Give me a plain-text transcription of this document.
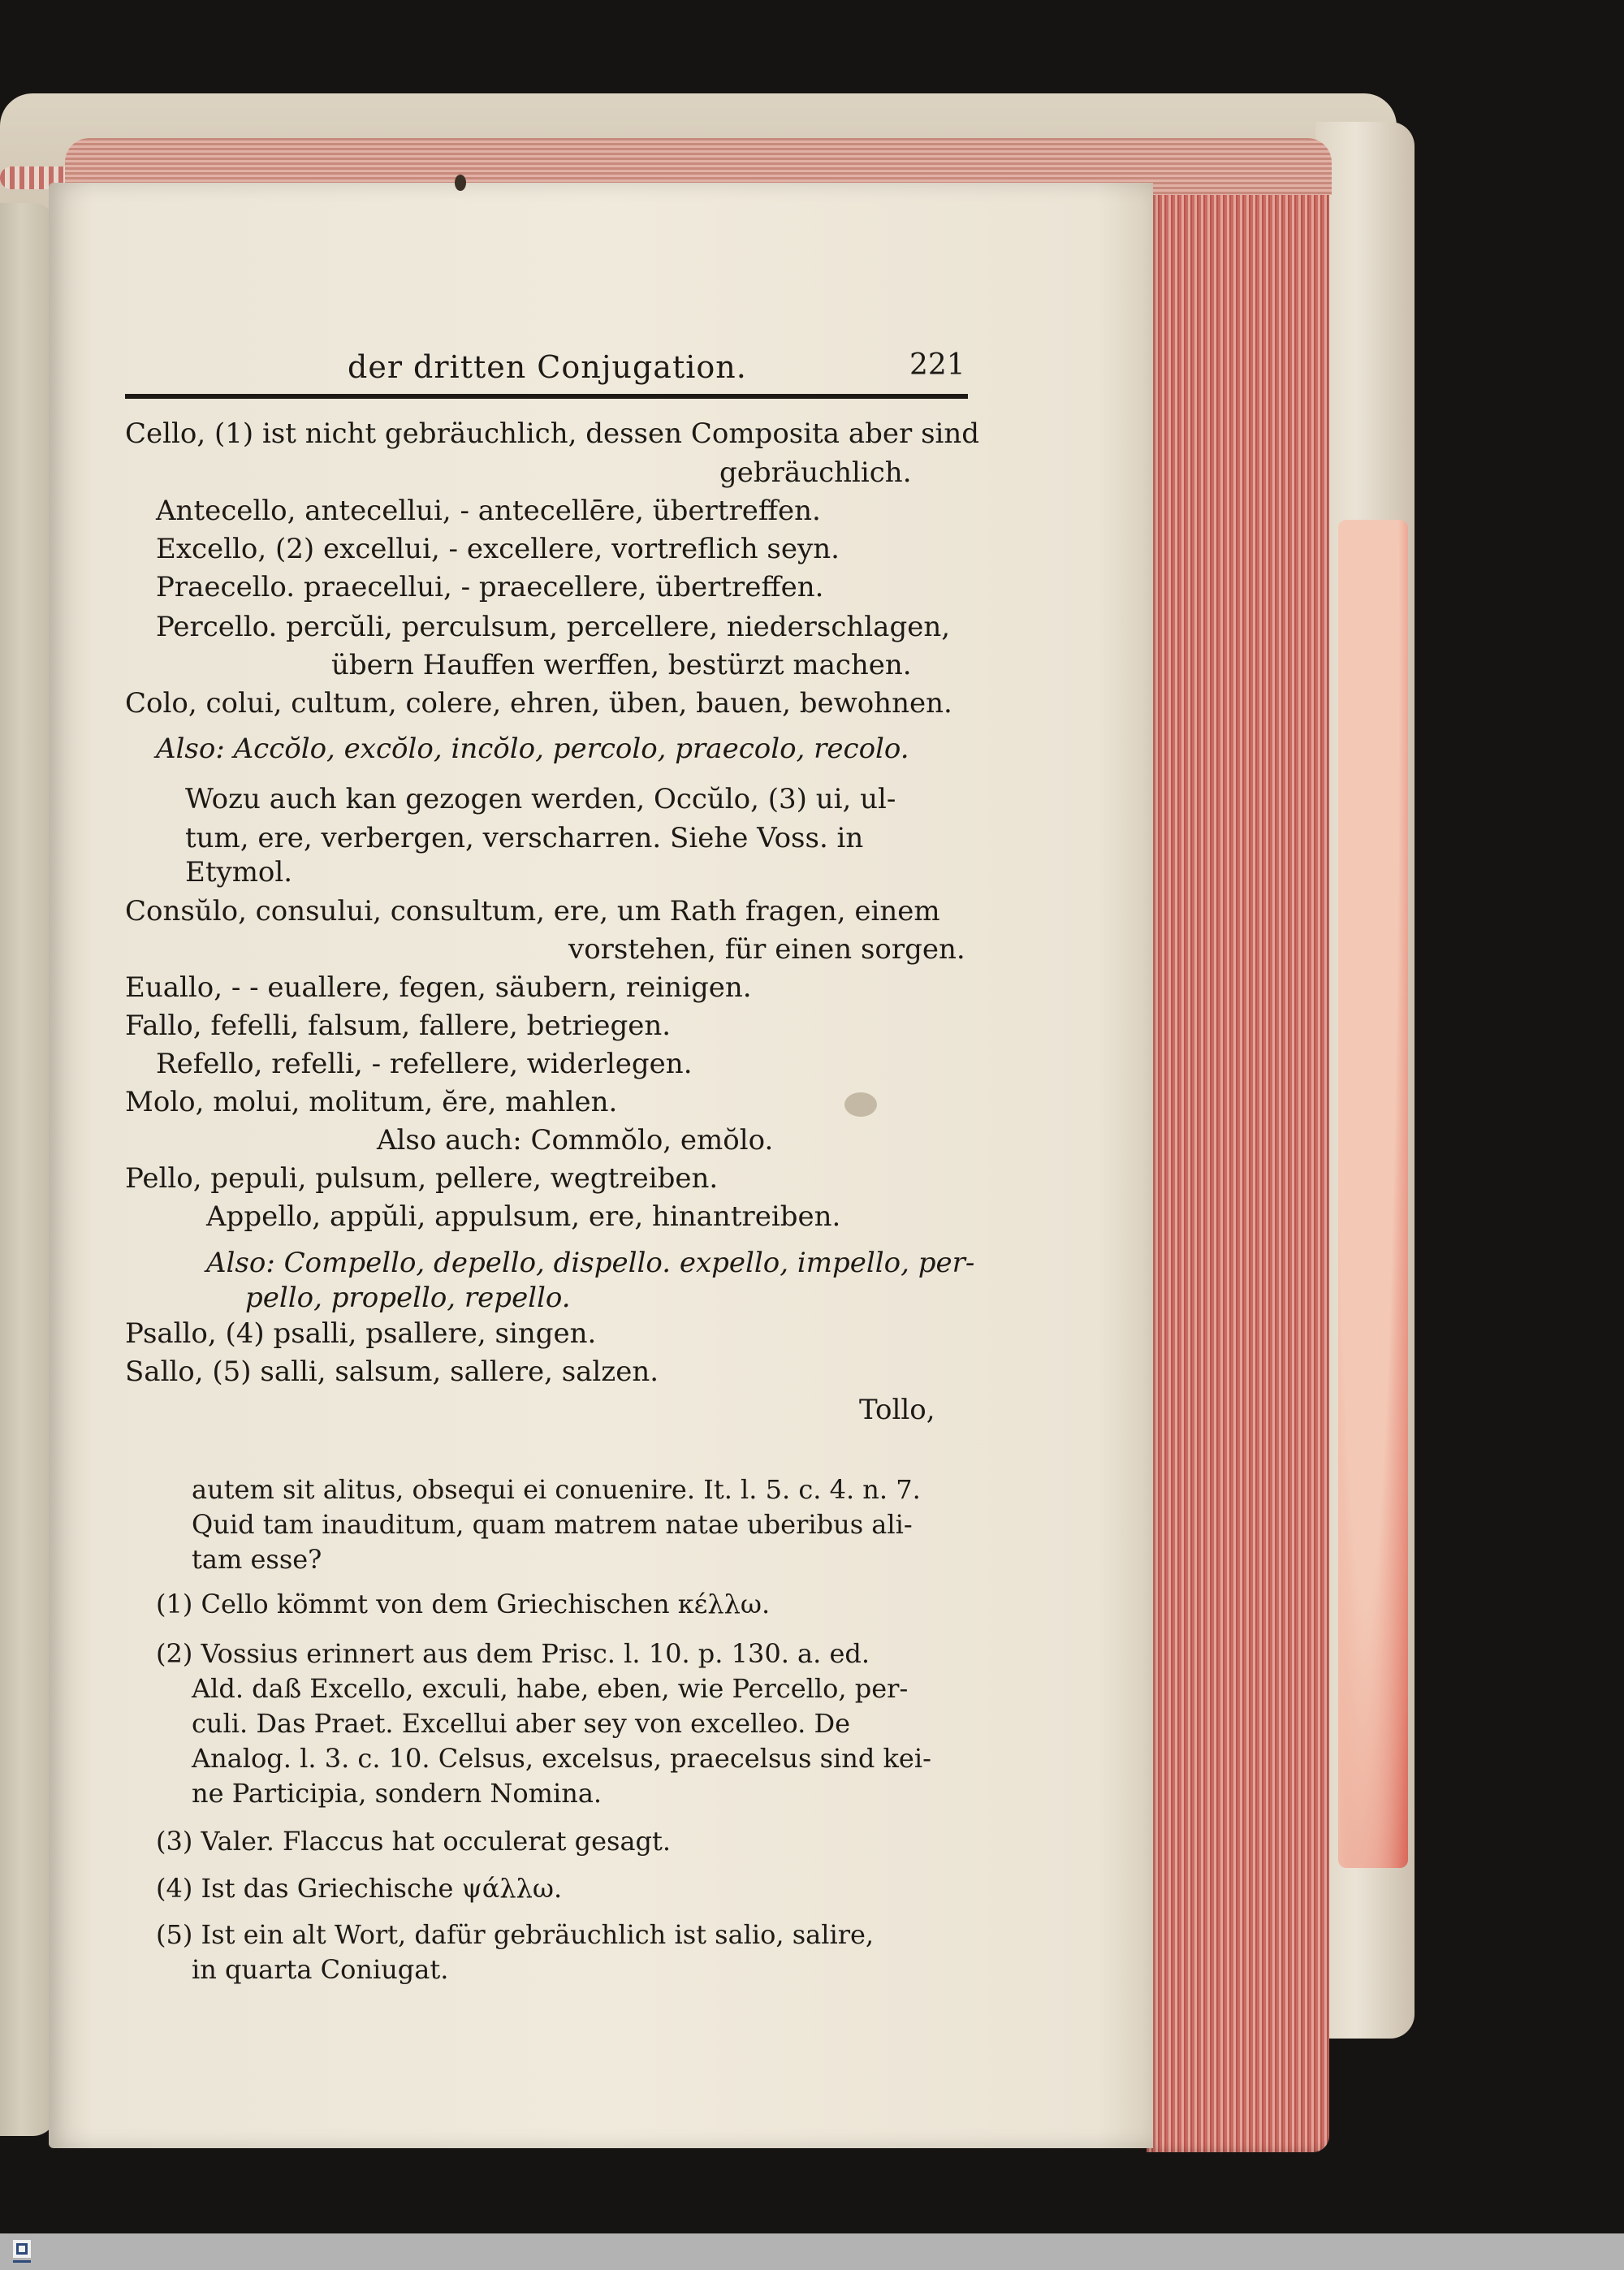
der dritten Conjugation.	221
Cello, (1) ist nicht gebräuchlich, dessen Composita aber sind
gebräuchlich.
Antecello, antecellui, - antecellēre, übertreffen.
Excello, (2) excellui, - excellere, vortreflich seyn.
Praecello. praecellui, - praecellere, übertreffen.
Percello. percŭli, perculsum, percellere, niederschlagen,
übern Hauffen werffen, bestürzt machen.
Colo, colui, cultum, colere, ehren, üben, bauen, bewohnen.
Also: Accŏlo, excŏlo, incŏlo, percolo, praecolo, recolo.
Wozu auch kan gezogen werden, Occŭlo, (3) ui, ul-
tum, ere, verbergen, verscharren. Siehe Voss. in
Etymol.
Consŭlo, consului, consultum, ere, um Rath fragen, einem
vorstehen, für einen sorgen.
Euallo, - - euallere, fegen, säubern, reinigen.
Fallo, fefelli, falsum, fallere, betriegen.
Refello, refelli, - refellere, widerlegen.
Molo, molui, molitum, ĕre, mahlen.
Also auch: Commŏlo, emŏlo.
Pello, pepuli, pulsum, pellere, wegtreiben.
Appello, appŭli, appulsum, ere, hinantreiben.
Also: Compello, depello, dispello. expello, impello, per-
pello, propello, repello.
Psallo, (4) psalli, psallere, singen.
Sallo, (5) salli, salsum, sallere, salzen.
Tollo,
autem sit alitus, obsequi ei conuenire. It. l. 5. c. 4. n. 7.
Quid tam inauditum, quam matrem natae uberibus ali-
tam esse?
(1) Cello kömmt von dem Griechischen κέλλω.
(2) Vossius erinnert aus dem Prisc. l. 10. p. 130. a. ed.
Ald. daß Excello, exculi, habe, eben, wie Percello, per-
culi. Das Praet. Excellui aber sey von excelleo. De
Analog. l. 3. c. 10. Celsus, excelsus, praecelsus sind kei-
ne Participia, sondern Nomina.
(3) Valer. Flaccus hat occulerat gesagt.
(4) Ist das Griechische ψάλλω.
(5) Ist ein alt Wort, dafür gebräuchlich ist salio, salire,
in quarta Coniugat.
